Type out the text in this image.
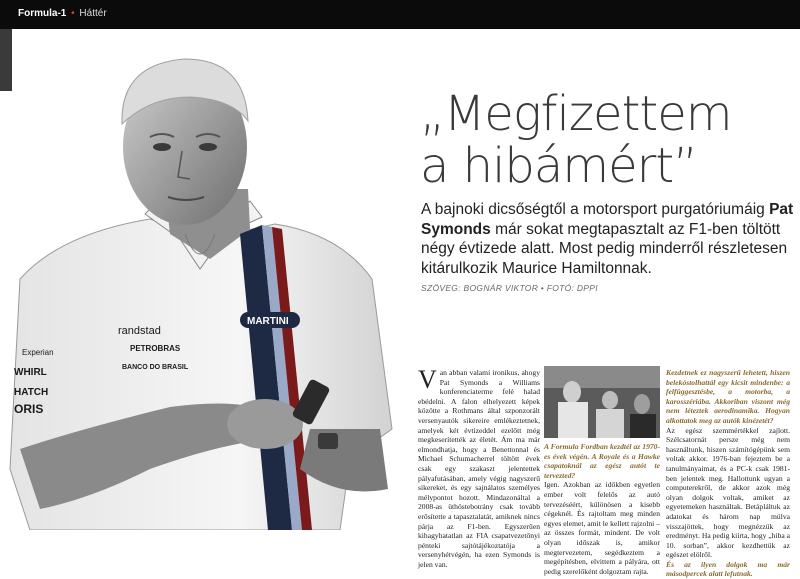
Formula-1 • Háttér
randstad
PETROBRAS
BANCO DO BRASIL
MARTINI
Experian
WHIRL
HATCH
ORIS
„Megfizettem
a hibámért”

A bajnoki dicsőségtől a motorsport purgatóriumáig Pat Symonds már sokat megtapasztalt az F1-ben töltött négy évtizede alatt. Most pedig minderről részletesen kitárulkozik Maurice Hamiltonnak.

SZÖVEG: BOGNÁR VIKTOR • FOTÓ: DPPI
V an abban valami ironikus, ahogy Pat Symonds a Williams konferenciatermе felé halad ebédelni. A falon elhelyezett képek közötte a Rothmans által szponzorált versenyautók sikereire emlékeztetnek, amelyek két évtizeddel ezelőtt még megkeserítették az életét. Ám ma már elmondhatja, hogy a Benettonnal és Michael Schumacherrel töltött évek csak egy szakaszt jelentettek pályafutásában, amely végig nagyszerű sikereket, és egy sajnálatos személyes mélypontot hozott. Mindazonáltal a 2008-as üthöstebotrány csak tovább erősítette a tapasztalatát, amiknek nincs párja az F1-ben. Egyszerűen kihagyhatatlan az FIA csapatvezetőnyi pénteki sajtótájékoztatója a versenyhétvégén, ha ezen Symonds is jelen van.

A Formula Fordban kezdtél az 1970-es évek végén. A Royale és a Hawke csapatoknál az egész autót te tervezted?

Igen. Azokban az időkben egyetlen ember volt felelős az autó tervezéséért, különösen a kisebb cégeknél. És rajtoltam meg minden egyes elemet, amit le kellett rajzolni – az összes formát, mindent. De volt olyan időszak is, amikor megtervezetem, segédkeztem a megépítésben, elvittem a pályára, ott pedig szerelőként dolgoztam rajta.

Kezdetnek ez nagyszerű lehetett, hiszen belekóstolhattál egy kicsit mindenbe: a felfüggesztésbe, a motorba, a karosszériába. Akkoriban viszont még nem léteztek aerodinamika. Hogyan alkottatok meg az autók kinézetét?

Az egész szemmértékkel zajlott. Szélcsatornát persze még nem használtunk, hiszen számítógépünk sem voltak akkor. 1976-ban fejeztem be a tanulmányaimat, és a PC-k csak 1981-ben jelentek meg. Hallottunk ugyan a computerekről, de akkor azok még olyan dolgok voltak, amiket az egyetemeken használtak. Betápláltuk az adatokat és három nap múlva visszajöttek, hogy megnézzük az eredményt. Ha pedig kiírta, hogy „hiba a 10. sorban”, akkor kezdhettük az egészet elölről.

És az ilyen dolgok ma már másodpercek alatt lefutnak.
